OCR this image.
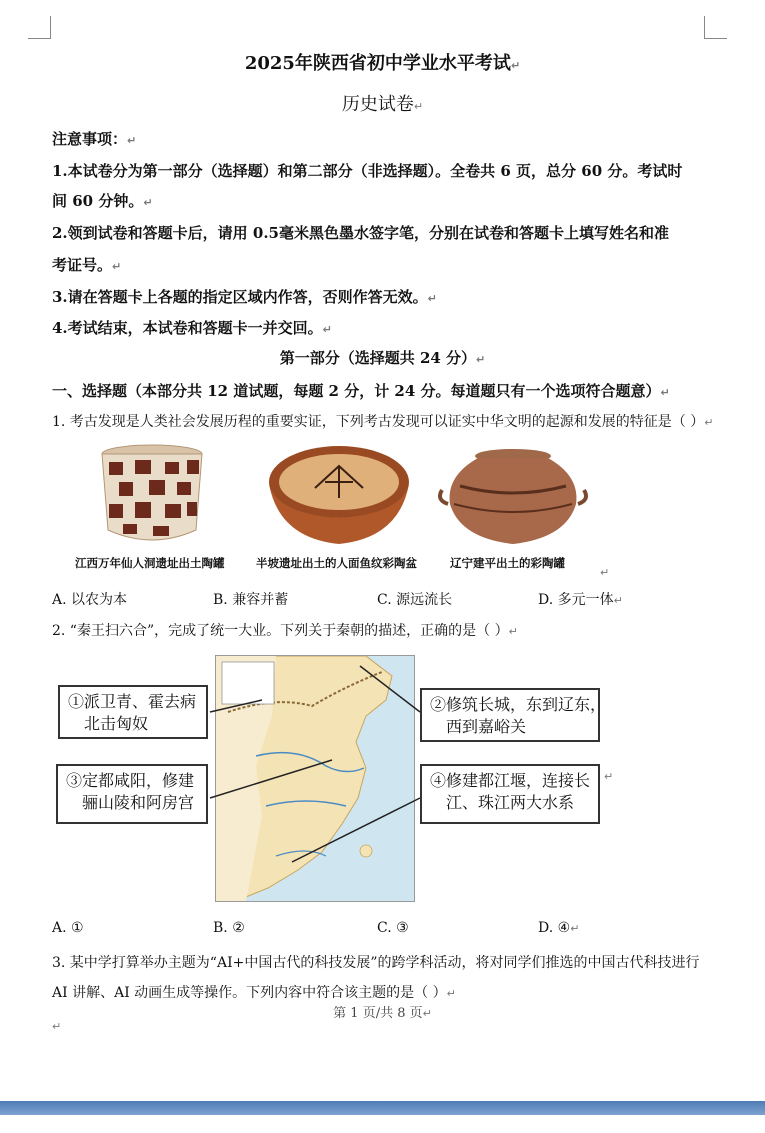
2025年陕西省初中学业水平考试↵
历史试卷↵
注意事项：↵
1.本试卷分为第一部分（选择题）和第二部分（非选择题）。全卷共 6 页，总分 60 分。考试时
间 60 分钟。↵
2.领到试卷和答题卡后，请用 0.5毫米黑色墨水签字笔，分别在试卷和答题卡上填写姓名和准
考证号。↵
3.请在答题卡上各题的指定区域内作答，否则作答无效。↵
4.考试结束，本试卷和答题卡一并交回。↵
第一部分（选择题共 24 分）↵
一、选择题（本部分共 12 道试题，每题 2 分，计 24 分。每道题只有一个选项符合题意）↵
1. 考古发现是人类社会发展历程的重要实证，下列考古发现可以证实中华文明的起源和发展的特征是（ ）↵
江西万年仙人洞遗址出土陶罐	半坡遗址出土的人面鱼纹彩陶盆	辽宁建平出土的彩陶罐
↵
A. 以农为本	B. 兼容并蓄	C. 源远流长	D. 多元一体↵
2. “秦王扫六合”，完成了统一大业。下列关于秦朝的描述，正确的是（ ）↵
①派卫青、霍去病
北击匈奴
②修筑长城，东到辽东，
西到嘉峪关
③定都咸阳，修建
骊山陵和阿房宫
④修建都江堰，连接长
江、珠江两大水系
↵
A. ①	B. ②	C. ③	D. ④↵
3. 某中学打算举办主题为“AI+中国古代的科技发展”的跨学科活动，将对同学们推选的中国古代科技进行
AI 讲解、AI 动画生成等操作。下列内容中符合该主题的是（ ）↵
第 1 页/共 8 页↵
↵
